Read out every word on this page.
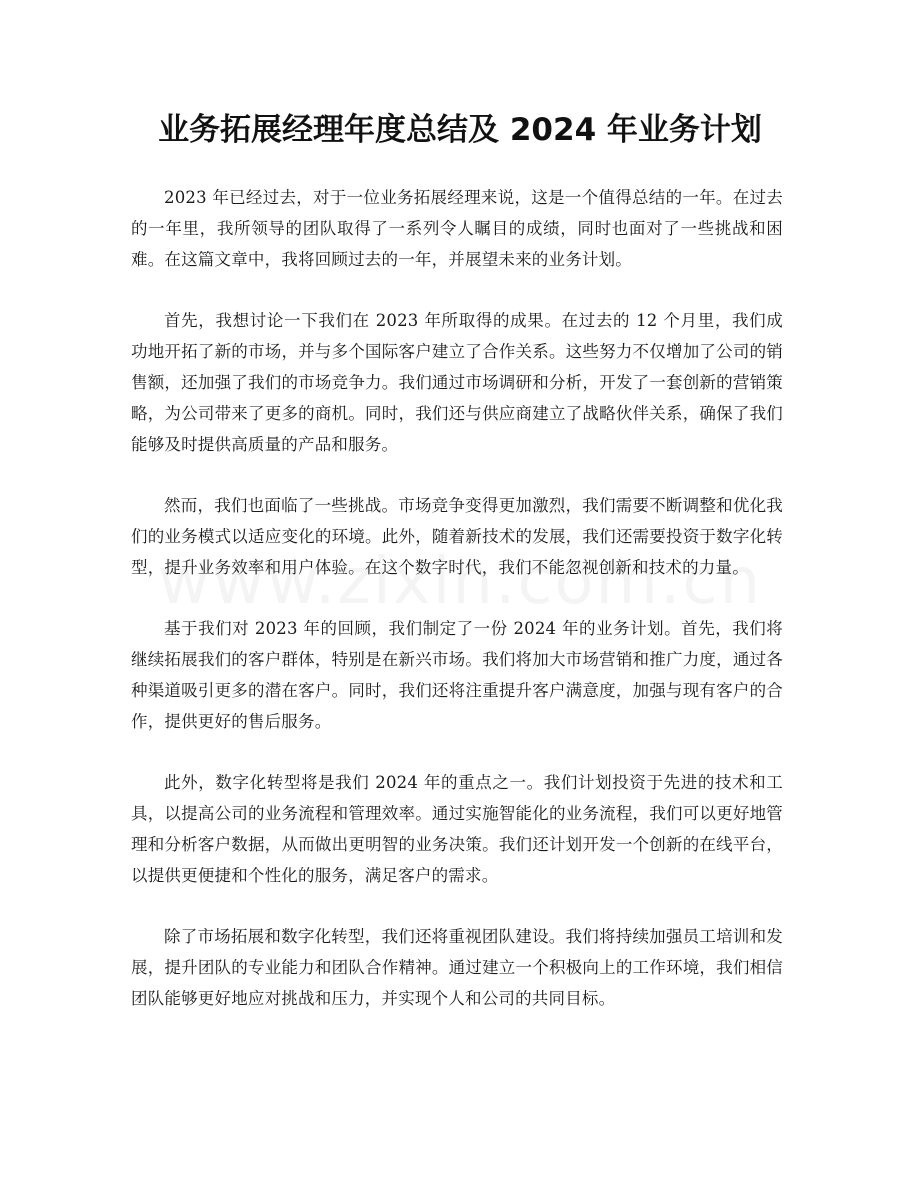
业务拓展经理年度总结及 2024 年业务计划

2023 年已经过去，对于一位业务拓展经理来说，这是一个值得总结的一年。在过去的一年里，我所领导的团队取得了一系列令人瞩目的成绩，同时也面对了一些挑战和困难。在这篇文章中，我将回顾过去的一年，并展望未来的业务计划。

首先，我想讨论一下我们在 2023 年所取得的成果。在过去的 12 个月里，我们成功地开拓了新的市场，并与多个国际客户建立了合作关系。这些努力不仅增加了公司的销售额，还加强了我们的市场竞争力。我们通过市场调研和分析，开发了一套创新的营销策略，为公司带来了更多的商机。同时，我们还与供应商建立了战略伙伴关系，确保了我们能够及时提供高质量的产品和服务。

然而，我们也面临了一些挑战。市场竞争变得更加激烈，我们需要不断调整和优化我们的业务模式以适应变化的环境。此外，随着新技术的发展，我们还需要投资于数字化转型，提升业务效率和用户体验。在这个数字时代，我们不能忽视创新和技术的力量。

基于我们对 2023 年的回顾，我们制定了一份 2024 年的业务计划。首先，我们将继续拓展我们的客户群体，特别是在新兴市场。我们将加大市场营销和推广力度，通过各种渠道吸引更多的潜在客户。同时，我们还将注重提升客户满意度，加强与现有客户的合作，提供更好的售后服务。

此外，数字化转型将是我们 2024 年的重点之一。我们计划投资于先进的技术和工具，以提高公司的业务流程和管理效率。通过实施智能化的业务流程，我们可以更好地管理和分析客户数据，从而做出更明智的业务决策。我们还计划开发一个创新的在线平台，以提供更便捷和个性化的服务，满足客户的需求。

除了市场拓展和数字化转型，我们还将重视团队建设。我们将持续加强员工培训和发展，提升团队的专业能力和团队合作精神。通过建立一个积极向上的工作环境，我们相信团队能够更好地应对挑战和压力，并实现个人和公司的共同目标。
